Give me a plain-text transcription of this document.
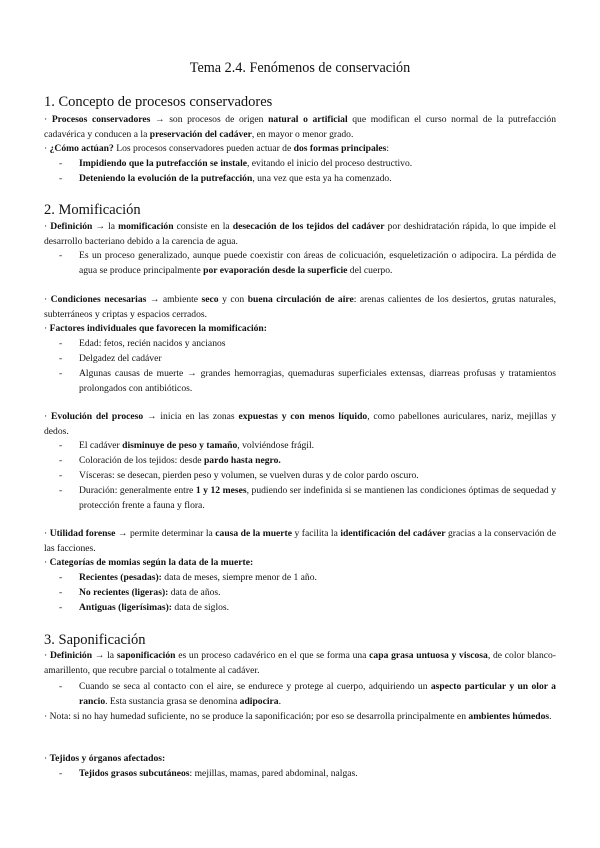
Tema 2.4. Fenómenos de conservación
1. Concepto de procesos conservadores
· Procesos conservadores → son procesos de origen natural o artificial que modifican el curso normal de la putrefacción cadavérica y conducen a la preservación del cadáver, en mayor o menor grado.
· ¿Cómo actúan? Los procesos conservadores pueden actuar de dos formas principales:
- Impidiendo que la putrefacción se instale, evitando el inicio del proceso destructivo.
- Deteniendo la evolución de la putrefacción, una vez que esta ya ha comenzado.
2. Momificación
· Definición → la momificación consiste en la desecación de los tejidos del cadáver por deshidratación rápida, lo que impide el desarrollo bacteriano debido a la carencia de agua.
- Es un proceso generalizado, aunque puede coexistir con áreas de colicuación, esqueletización o adipocira. La pérdida de agua se produce principalmente por evaporación desde la superficie del cuerpo.
· Condiciones necesarias → ambiente seco y con buena circulación de aire: arenas calientes de los desiertos, grutas naturales, subterráneos y criptas y espacios cerrados.
· Factores individuales que favorecen la momificación:
- Edad: fetos, recién nacidos y ancianos
- Delgadez del cadáver
- Algunas causas de muerte → grandes hemorragias, quemaduras superficiales extensas, diarreas profusas y tratamientos prolongados con antibióticos.
· Evolución del proceso → inicia en las zonas expuestas y con menos líquido, como pabellones auriculares, nariz, mejillas y dedos.
- El cadáver disminuye de peso y tamaño, volviéndose frágil.
- Coloración de los tejidos: desde pardo hasta negro.
- Vísceras: se desecan, pierden peso y volumen, se vuelven duras y de color pardo oscuro.
- Duración: generalmente entre 1 y 12 meses, pudiendo ser indefinida si se mantienen las condiciones óptimas de sequedad y protección frente a fauna y flora.
· Utilidad forense → permite determinar la causa de la muerte y facilita la identificación del cadáver gracias a la conservación de las facciones.
· Categorías de momias según la data de la muerte:
- Recientes (pesadas): data de meses, siempre menor de 1 año.
- No recientes (ligeras): data de años.
- Antiguas (ligerísimas): data de siglos.
3. Saponificación
· Definición → la saponificación es un proceso cadavérico en el que se forma una capa grasa untuosa y viscosa, de color blanco-amarillento, que recubre parcial o totalmente al cadáver.
- Cuando se seca al contacto con el aire, se endurece y protege al cuerpo, adquiriendo un aspecto particular y un olor a rancio. Esta sustancia grasa se denomina adipocira.
· Nota: si no hay humedad suficiente, no se produce la saponificación; por eso se desarrolla principalmente en ambientes húmedos.
· Tejidos y órganos afectados:
- Tejidos grasos subcutáneos: mejillas, mamas, pared abdominal, nalgas.
